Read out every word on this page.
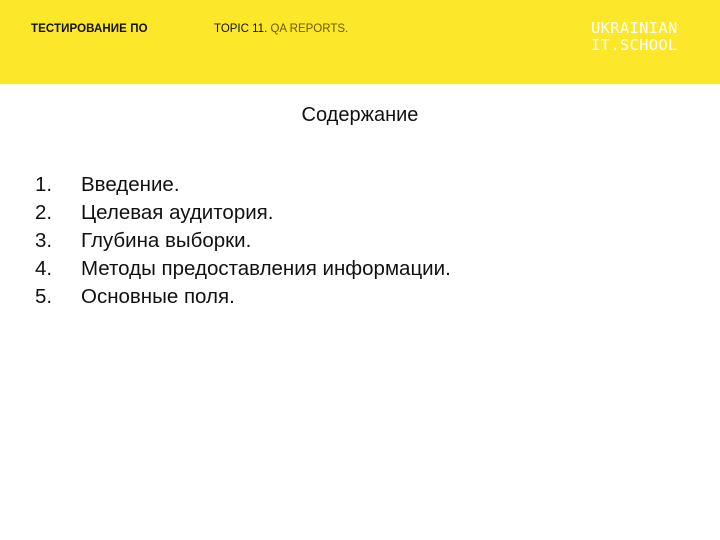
ТЕСТИРОВАНИЕ ПО	TOPIC 11. QA REPORTS.	UKRAINIAN
IT.SCHOOL
Содержание
1.	Введение.
2.	Целевая аудитория.
3.	Глубина выборки.
4.	Методы предоставления информации.
5.	Основные поля.
